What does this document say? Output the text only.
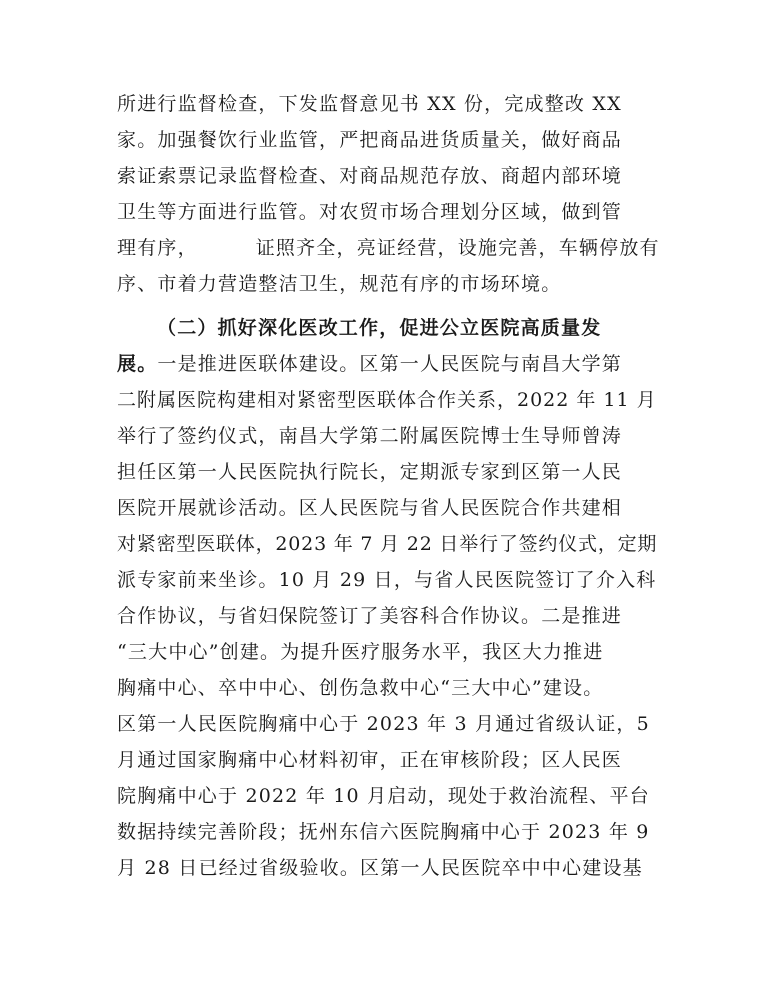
所进行监督检查，下发监督意见书 XX 份，完成整改 XX
家。加强餐饮行业监管，严把商品进货质量关，做好商品
索证索票记录监督检查、对商品规范存放、商超内部环境
卫生等方面进行监管。对农贸市场合理划分区域，做到管
理有序，        证照齐全，亮证经营，设施完善，车辆停放有
序、市着力营造整洁卫生，规范有序的市场环境。
（二）抓好深化医改工作，促进公立医院高质量发
展。一是推进医联体建设。区第一人民医院与南昌大学第
二附属医院构建相对紧密型医联体合作关系，2022 年 11 月
举行了签约仪式，南昌大学第二附属医院博士生导师曾涛
担任区第一人民医院执行院长，定期派专家到区第一人民
医院开展就诊活动。区人民医院与省人民医院合作共建相
对紧密型医联体，2023 年 7 月 22 日举行了签约仪式，定期
派专家前来坐诊。10 月 29 日，与省人民医院签订了介入科
合作协议，与省妇保院签订了美容科合作协议。二是推进
“三大中心”创建。为提升医疗服务水平，我区大力推进
胸痛中心、卒中中心、创伤急救中心“三大中心”建设。
区第一人民医院胸痛中心于 2023 年 3 月通过省级认证，5
月通过国家胸痛中心材料初审，正在审核阶段；区人民医
院胸痛中心于 2022 年 10 月启动，现处于救治流程、平台
数据持续完善阶段；抚州东信六医院胸痛中心于 2023 年 9
月 28 日已经过省级验收。区第一人民医院卒中中心建设基
